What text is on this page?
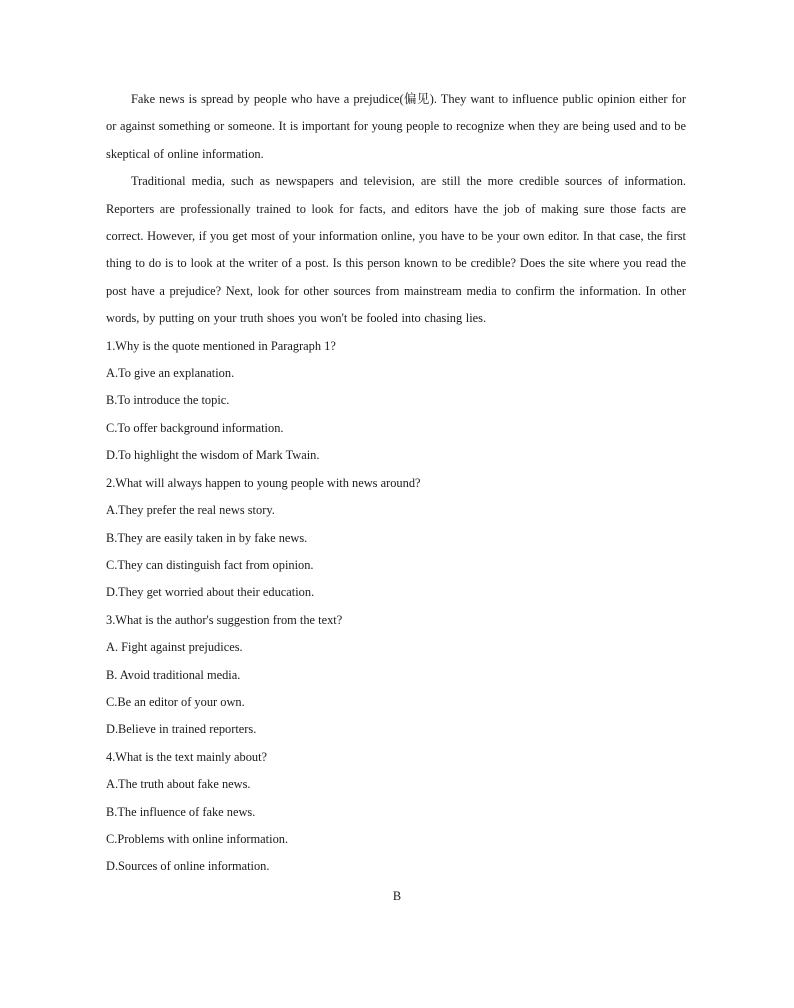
Fake news is spread by people who have a prejudice(偏见). They want to influence public opinion either for or against something or someone. It is important for young people to recognize when they are being used and to be skeptical of online information.

Traditional media, such as newspapers and television, are still the more credible sources of information. Reporters are professionally trained to look for facts, and editors have the job of making sure those facts are correct. However, if you get most of your information online, you have to be your own editor. In that case, the first thing to do is to look at the writer of a post. Is this person known to be credible? Does the site where you read the post have a prejudice? Next, look for other sources from mainstream media to confirm the information. In other words, by putting on your truth shoes you won't be fooled into chasing lies.

1.Why is the quote mentioned in Paragraph 1?

A.To give an explanation.

B.To introduce the topic.

C.To offer background information.

D.To highlight the wisdom of Mark Twain.

2.What will always happen to young people with news around?

A.They prefer the real news story.

B.They are easily taken in by fake news.

C.They can distinguish fact from opinion.

D.They get worried about their education.

3.What is the author's suggestion from the text?

A. Fight against prejudices.

B. Avoid traditional media.

C.Be an editor of your own.

D.Believe in trained reporters.

4.What is the text mainly about?

A.The truth about fake news.

B.The influence of fake news.

C.Problems with online information.

D.Sources of online information.

B
